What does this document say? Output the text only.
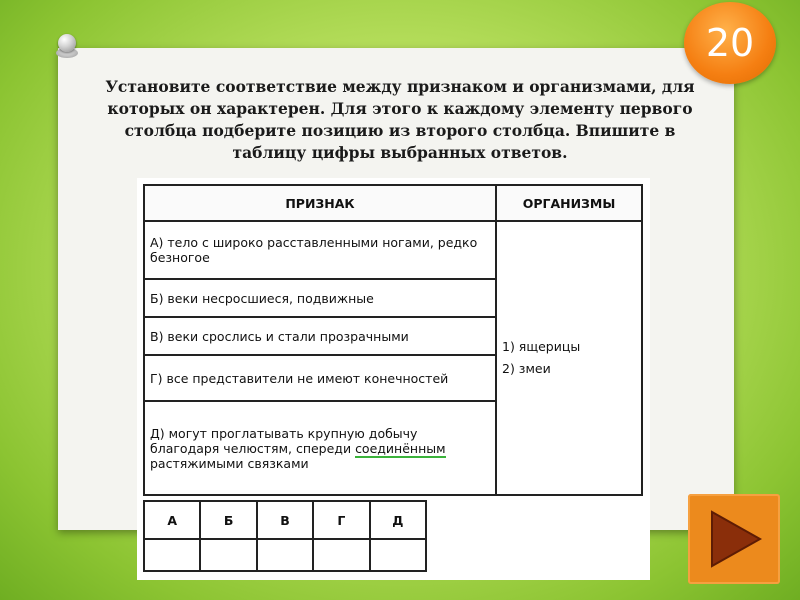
20

Установите соответствие между признаком и организмами, для которых он характерен. Для этого к каждому элементу первого столбца подберите позицию из второго столбца. Впишите в таблицу цифры выбранных ответов.

ПРИЗНАК	ОРГАНИЗМЫ
А) тело с широко расставленными ногами, редко безногое	1) ящерицы
2) змеи

Б) веки несросшиеся, подвижные	
В) веки срослись и стали прозрачными	
Г) все представители не имеют конечностей	
Д) могут проглатывать крупную добычу благодаря челюстям, спереди соединённым растяжимыми связками	
А	Б	В	Г	Д
